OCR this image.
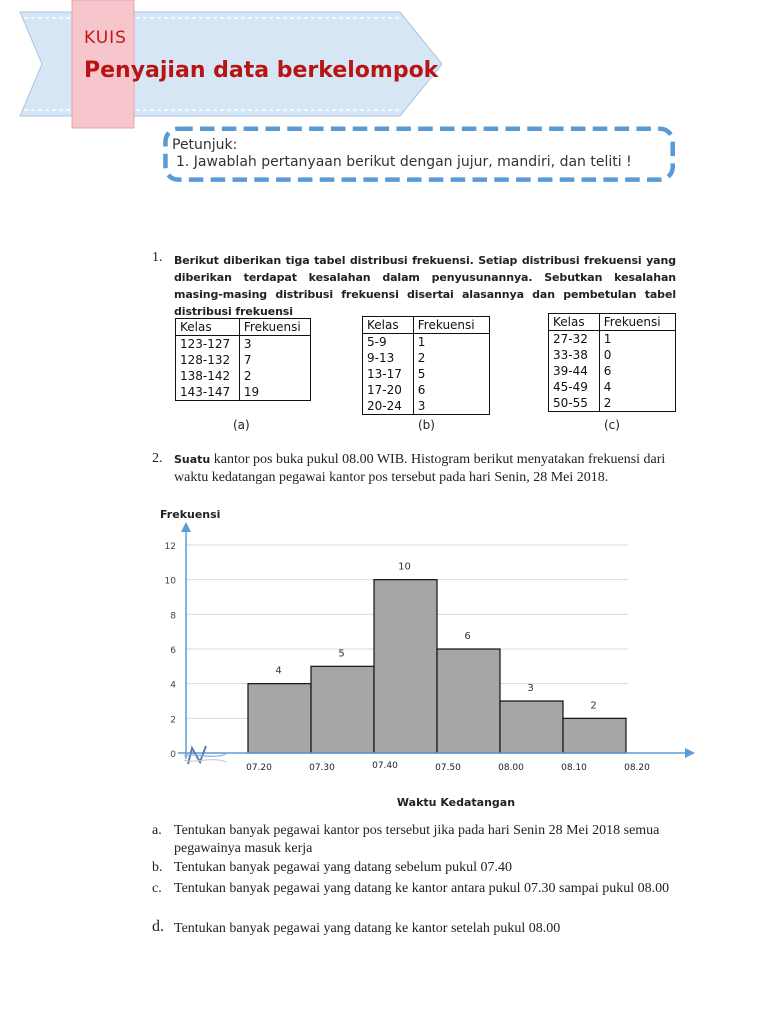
KUIS
Penyajian data berkelompok
Petunjuk:
1. Jawablah pertanyaan berikut dengan jujur, mandiri, dan teliti !
1. Berikut diberikan tiga tabel distribusi frekuensi. Setiap distribusi frekuensi yang diberikan terdapat kesalahan dalam penyusunannya. Sebutkan kesalahan masing-masing distribusi frekuensi disertai alasannya dan pembetulan tabel distribusi frekuensi
Kelas	Frekuensi
123-127	3
128-132	7
138-142	2
143-147	19
(a)
Kelas	Frekuensi
5-9	1
9-13	2
13-17	5
17-20	6
20-24	3
(b)
Kelas	Frekuensi
27-32	1
33-38	0
39-44	6
45-49	4
50-55	2
(c)
2. Suatu kantor pos buka pukul 08.00 WIB. Histogram berikut menyatakan frekuensi dari waktu kedatangan pegawai kantor pos tersebut pada hari Senin, 28 Mei 2018.
4
5
10
6
3
2
0
2
4
6
8
10
12
07.20	07.30	07.40	07.50	08.00	08.10	08.20
Frekuensi
Waktu Kedatangan
a. Tentukan banyak pegawai kantor pos tersebut jika pada hari Senin 28 Mei 2018 semua pegawainya masuk kerja
b. Tentukan banyak pegawai yang datang sebelum pukul 07.40
c. Tentukan banyak pegawai yang datang ke kantor antara pukul 07.30 sampai pukul 08.00
d. Tentukan banyak pegawai yang datang ke kantor setelah pukul 08.00
